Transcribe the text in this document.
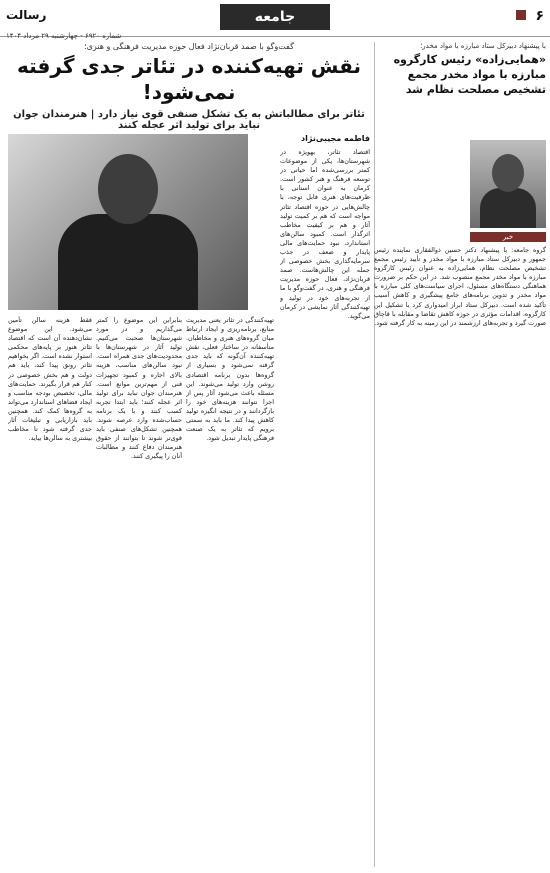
۶
جامعه
رسالت
شماره ۶۹۲۰ - چهارشنبه ۲۹ مرداد ۱۴۰۴
گفت‌وگو با صمد قربان‌نژاد فعال حوزه مدیریت فرهنگی و هنری؛
نقش تهیه‌کننده در تئاتر جدی گرفته نمی‌شود!
تئاتر برای مطالباتش به یک تشکل صنفی قوی نیاز دارد | هنرمندان جوان نباید برای تولید اثر عجله کنند
فاطمه مجیبی‌نژاد

اقتصاد تئاتر، بهویژه در شهرستان‌ها، یکی از موضوعات کمتر بررسی‌شده اما حیاتی در توسعه فرهنگ و هنر کشور است. کرمان به عنوان استانی با ظرفیت‌های هنری قابل توجه، با چالش‌هایی در حوزه اقتصاد تئاتر مواجه است که هم بر کمیت تولید آثار و هم بر کیفیت مخاطب اثرگذار است. کمبود سالن‌های استاندارد، نبود حمایت‌های مالی پایدار و ضعف در جذب سرمایه‌گذاری بخش خصوصی از جمله این چالش‌هاست. صمد قربان‌نژاد، فعال حوزه مدیریت فرهنگی و هنری، در گفت‌وگو با ما از تجربه‌های خود در تولید و تهیه‌کنندگی آثار نمایشی در کرمان می‌گوید.

تهیه‌کنندگی در تئاتر یعنی مدیریت منابع، برنامه‌ریزی و ایجاد ارتباط میان گروه‌های هنری و مخاطبان. متأسفانه در ساختار فعلی، نقش تهیه‌کننده آن‌گونه که باید جدی گرفته نمی‌شود و بسیاری از گروه‌ها بدون برنامه اقتصادی روشن وارد تولید می‌شوند. این مسئله باعث می‌شود آثار پس از اجرا نتوانند هزینه‌های خود را بازگردانند و در نتیجه انگیزه تولید کاهش پیدا کند. ما باید به سمتی برویم که تئاتر به یک صنعت فرهنگی پایدار تبدیل شود.

بنابراین این موضوع را کمتر می‌گذاریم و در مورد شهرستان‌ها صحبت می‌کنیم. تولید آثار در شهرستان‌ها با محدودیت‌های جدی همراه است. نبود سالن‌های مناسب، هزینه بالای اجاره و کمبود تجهیزات فنی از مهم‌ترین موانع است. هنرمندان جوان نباید برای تولید اثر عجله کنند؛ باید ابتدا تجربه کسب کنند و با یک برنامه حساب‌شده وارد عرصه شوند. همچنین تشکل‌های صنفی باید قوی‌تر شوند تا بتوانند از حقوق هنرمندان دفاع کنند و مطالبات آنان را پیگیری کنند.

فقط هزینه سالن تأمین می‌شود. این موضوع نشان‌دهنده آن است که اقتصاد تئاتر هنوز بر پایه‌های محکمی استوار نشده است. اگر بخواهیم تئاتر رونق پیدا کند، باید هم دولت و هم بخش خصوصی در کنار هم قرار بگیرند. حمایت‌های مالی، تخصیص بودجه مناسب و ایجاد فضاهای استاندارد می‌تواند به گروه‌ها کمک کند. همچنین باید بازاریابی و تبلیغات آثار جدی گرفته شود تا مخاطب بیشتری به سالن‌ها بیاید.

با پیشنهاد دبیرکل ستاد مبارزه با مواد مخدر؛
«همایی‌زاده» رئیس کارگروه مبارزه با مواد مخدر مجمع تشخیص مصلحت نظام شد
خبر

گروه جامعه: با پیشنهاد دکتر حسین ذوالفقاری نماینده رئیس جمهور و دبیرکل ستاد مبارزه با مواد مخدر و تأیید رئیس مجمع تشخیص مصلحت نظام، همایی‌زاده به عنوان رئیس کارگروه مبارزه با مواد مخدر مجمع منصوب شد. در این حکم بر ضرورت هماهنگی دستگاه‌های مسئول، اجرای سیاست‌های کلی مبارزه با مواد مخدر و تدوین برنامه‌های جامع پیشگیری و کاهش آسیب تأکید شده است. دبیرکل ستاد ابراز امیدواری کرد با تشکیل این کارگروه، اقدامات مؤثری در حوزه کاهش تقاضا و مقابله با قاچاق صورت گیرد و تجربه‌های ارزشمند در این زمینه به کار گرفته شود.
